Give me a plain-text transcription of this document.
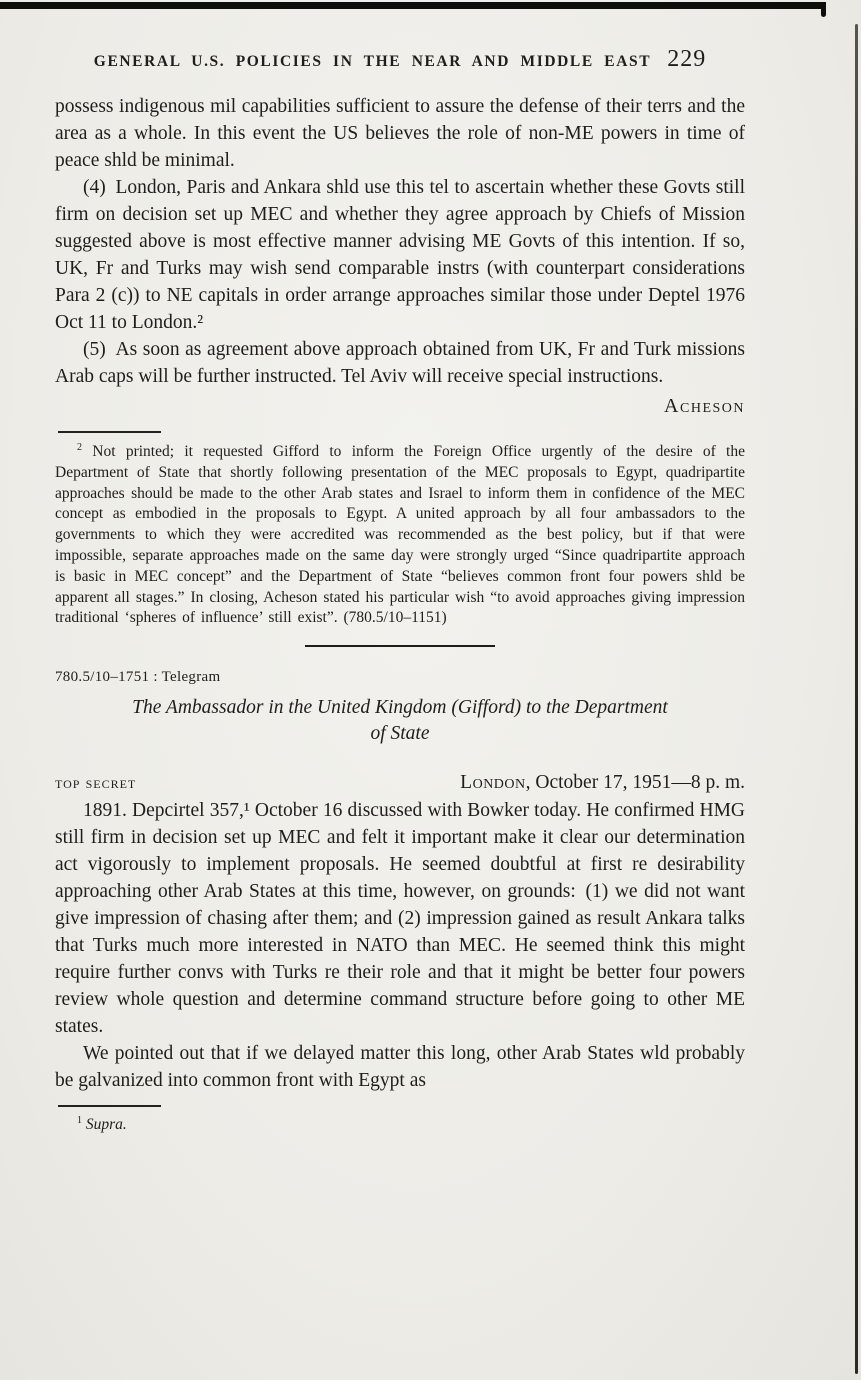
GENERAL U.S. POLICIES IN THE NEAR AND MIDDLE EAST 229

possess indigenous mil capabilities sufficient to assure the defense of their terrs and the area as a whole. In this event the US believes the role of non-ME powers in time of peace shld be minimal.

(4) London, Paris and Ankara shld use this tel to ascertain whether these Govts still firm on decision set up MEC and whether they agree approach by Chiefs of Mission suggested above is most effective manner advising ME Govts of this intention. If so, UK, Fr and Turks may wish send comparable instrs (with counterpart considerations Para 2 (c)) to NE capitals in order arrange approaches similar those under Deptel 1976 Oct 11 to London.²

(5) As soon as agreement above approach obtained from UK, Fr and Turk missions Arab caps will be further instructed. Tel Aviv will receive special instructions.

Acheson

$^2$ Not printed; it requested Gifford to inform the Foreign Office urgently of the desire of the Department of State that shortly following presentation of the MEC proposals to Egypt, quadripartite approaches should be made to the other Arab states and Israel to inform them in confidence of the MEC concept as embodied in the proposals to Egypt. A united approach by all four ambassadors to the governments to which they were accredited was recommended as the best policy, but if that were impossible, separate approaches made on the same day were strongly urged “Since quadripartite approach is basic in MEC concept” and the Department of State “believes common front four powers shld be apparent all stages.” In closing, Acheson stated his particular wish “to avoid approaches giving impression traditional ‘spheres of influence’ still exist”. (780.5/10–1151)

780.5/10–1751 : Telegram

The Ambassador in the United Kingdom (Gifford) to the Department
of State
top secret	London, October 17, 1951—8 p. m.

1891. Depcirtel 357,¹ October 16 discussed with Bowker today. He confirmed HMG still firm in decision set up MEC and felt it important make it clear our determination act vigorously to implement proposals. He seemed doubtful at first re desirability approaching other Arab States at this time, however, on grounds: (1) we did not want give impression of chasing after them; and (2) impression gained as result Ankara talks that Turks much more interested in NATO than MEC. He seemed think this might require further convs with Turks re their role and that it might be better four powers review whole question and determine command structure before going to other ME states.

We pointed out that if we delayed matter this long, other Arab States wld probably be galvanized into common front with Egypt as

$^1$ Supra.
